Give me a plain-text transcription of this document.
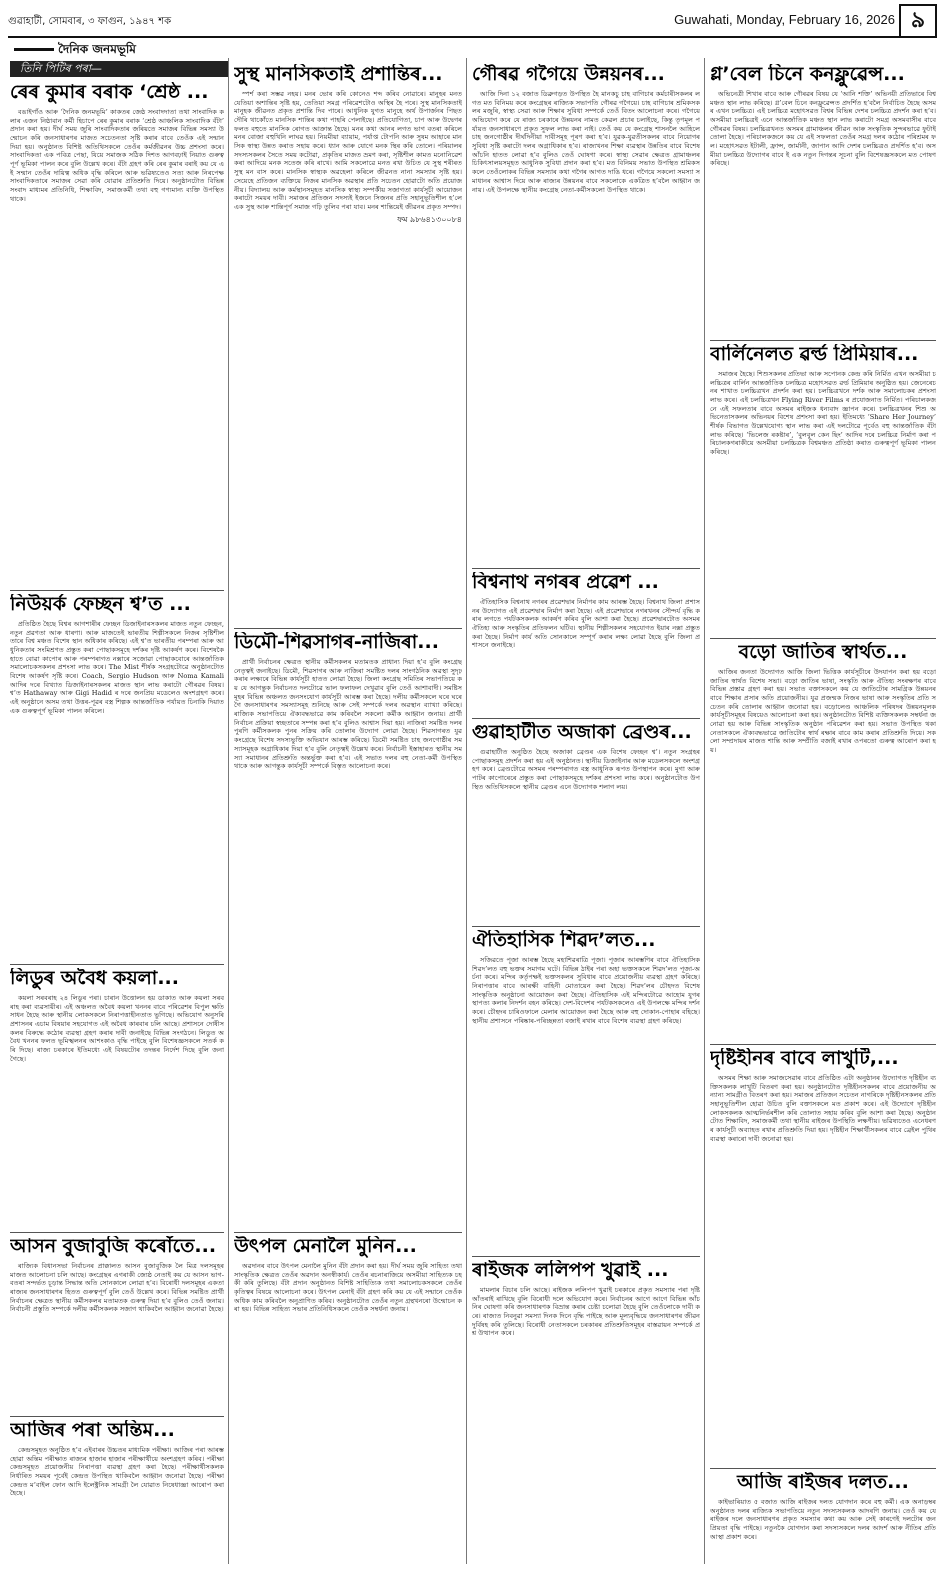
গুৱাহাটী, সোমবাৰ, ৩ ফাগুন, ১৯৪৭ শক	Guwahati, Monday, February 16, 2026 ৯
দৈনিক জনমভূমি
তিনি পিটিৰ পৰা—
ৰেৰ কুমাৰ বৰাক ‘শ্ৰেষ্ঠ ...

বঙাইগাঁও আৰু ‘দৈনিক জনমভূমি’ কাকতৰ জেষ্ঠ সংবাদদাতা তথা সাংবাদিক কলাৰ এজন নিষ্ঠাবান কৰ্মী হিচাপে ৰেৰ কুমাৰ বৰাক ‘শ্ৰেষ্ঠ আঞ্চলিক সাংবাদিক বঁটা’ প্ৰদান কৰা হয়। দীৰ্ঘ সময় জুৰি সাংবাদিকতাৰ জৰিয়তে সমাজৰ বিভিন্ন সমস্যা উন্মোচন কৰি জনসাধাৰণৰ মাজত সচেতনতা সৃষ্টি কৰাৰ বাবে তেওঁক এই সন্মান দিয়া হয়। অনুষ্ঠানত বিশিষ্ট অতিথিসকলে তেওঁৰ কৰ্মজীৱনৰ উচ্চ প্ৰশংসা কৰে। সাংবাদিকতা এক পবিত্ৰ পেছা, যিয়ে সমাজক সঠিক দিশত আগবঢ়াই নিয়াত গুৰুত্বপূৰ্ণ ভূমিকা পালন কৰে বুলি উল্লেখ কৰে। বঁটা গ্ৰহণ কৰি ৰেৰ কুমাৰ বৰাই কয় যে এই সন্মান তেওঁৰ দায়িত্ব অধিক বৃদ্ধি কৰিলে আৰু ভৱিষ্যতেও সত্য আৰু নিৰপেক্ষ সাংবাদিকতাৰে সমাজৰ সেৱা কৰি যোৱাৰ প্ৰতিশ্ৰুতি দিয়ে। অনুষ্ঠানটোত বিভিন্ন সংবাদ মাধ্যমৰ প্ৰতিনিধি, শিক্ষাবিদ, সমাজকৰ্মী তথা বহু গণ্যমান্য ব্যক্তি উপস্থিত থাকে।

নিউয়ৰ্ক ফেচ্ছন শ্ব’ত ...

প্ৰতিষ্ঠিত হৈছে বিশ্বৰ আগশাৰীৰ ফেচ্ছন ডিজাইনাৰসকলৰ মাজত নতুন ফেচ্ছন, নতুন প্ৰৱণতা আৰু ধাৰণা। আৰু মাজতেই ভাৰতীয় শিল্পীসকলে নিজৰ সৃষ্টিশীলতাৰে বিশ্ব মঞ্চত বিশেষ স্থান অধিকাৰ কৰিছে। এই শ্ব’ত ভাৰতীয় পৰম্পৰা আৰু আধুনিকতাৰ সংমিশ্ৰণত প্ৰস্তুত কৰা পোছাকসমূহে দৰ্শকৰ দৃষ্টি আকৰ্ষণ কৰে। বিশেষকৈ হাতে বোৱা কাপোৰ আৰু পৰম্পৰাগত নক্সাৰে সজোৱা পোছাকবোৰে আন্তৰ্জাতিক সমালোচকসকলৰ প্ৰশংসা লাভ কৰে। The Mist শীৰ্ষক সংগ্ৰহটোৱে অনুষ্ঠানটোত বিশেষ আকৰ্ষণ সৃষ্টি কৰে। Coach, Sergio Hudson আৰু Noma Kamali আদিৰ দৰে বিখ্যাত ডিজাইনাৰসকলৰ মাজত স্থান লাভ কৰাটো গৌৰৱৰ বিষয়। শ্ব’ত Hathaway আৰু Gigi Hadid ৰ দৰে জনপ্ৰিয় মডেলেও অংশগ্ৰহণ কৰে। এই অনুষ্ঠানে অসম তথা উত্তৰ-পূৱৰ বস্ত্ৰ শিল্পক আন্তৰ্জাতিক পৰ্যায়ত চিনাকি দিয়াত এক গুৰুত্বপূৰ্ণ ভূমিকা পালন কৰিলে।

লিডুৰ অবৈধ কয়লা...

কয়লা সৰবৰাহ ২৪ লিডুৰ পৰা। চাৰান উত্তোলন হয় ডাকাত আৰু কয়লা সৰবৰাহ কৰা ব্যৱসায়ীৰ। এই অঞ্চলত অবৈধ কয়লা খননৰ বাবে পৰিৱেশৰ বিপুল ক্ষতি সাধন হৈছে আৰু স্থানীয় লোকসকলে নিৰাপত্তাহীনতাত ভুগিছে। অভিযোগ অনুসৰি প্ৰশাসনৰ এচাম বিষয়াৰ সহযোগত এই অবৈধ কাৰবাৰ চলি আছে। প্ৰশাসনে দোষীসকলৰ বিৰুদ্ধে কঠোৰ ব্যৱস্থা গ্ৰহণ কৰাৰ দাবী জনাইছে বিভিন্ন সংগঠনে। লিডুত অবৈধ খননৰ ফলত ভূমিস্খলনৰ আশংকাও বৃদ্ধি পাইছে বুলি বিশেষজ্ঞসকলে সতৰ্ক কৰি দিছে। ৰাজ্য চৰকাৰে ইতিমধ্যে এই বিষয়টোৰ তদন্তৰ নিৰ্দেশ দিছে বুলি জনা গৈছে।

আসন বুজাবুজি কৰোঁতে...

ৰাজ্যিক বিধানসভা নিৰ্বাচনৰ প্ৰাক্কালত আসন বুজাবুজিক লৈ মিত্ৰ দলসমূহৰ মাজত আলোচনা চলি আছে। কংগ্ৰেছৰ এগৰাকী জ্যেষ্ঠ নেতাই কয় যে আসন ভাগ-বতৰা সন্দৰ্ভত চূড়ান্ত সিদ্ধান্ত অতি সোনকালে লোৱা হ’ব। বিৰোধী দলসমূহৰ একতা ৰাজ্যৰ জনসাধাৰণৰ হিতত গুৰুত্বপূৰ্ণ বুলি তেওঁ উল্লেখ কৰে। বিভিন্ন সমষ্টিত প্ৰাৰ্থী নিৰ্বাচনৰ ক্ষেত্ৰত স্থানীয় কৰ্মীসকলৰ মতামতক গুৰুত্ব দিয়া হ’ব বুলিও তেওঁ জনায়। নিৰ্বাচনী প্ৰস্তুতি সম্পৰ্কে দলীয় কৰ্মীসকলক সজাগ থাকিবলৈ আহ্বান জনোৱা হৈছে।

আজিৰ পৰা অন্তিম...

কেন্দ্ৰসমূহত অনুষ্ঠিত হ’ব এইবাৰৰ উচ্চতৰ মাধ্যমিক পৰীক্ষা। আজিৰ পৰা আৰম্ভ হোৱা অন্তিম পৰীক্ষাত ৰাজ্যৰ হাজাৰ হাজাৰ পৰীক্ষাৰ্থীয়ে অংশগ্ৰহণ কৰিব। পৰীক্ষা কেন্দ্ৰসমূহত প্ৰয়োজনীয় নিৰাপত্তা ব্যৱস্থা গ্ৰহণ কৰা হৈছে। পৰীক্ষাৰ্থীসকলক নিৰ্ধাৰিত সময়ৰ পূৰ্বেই কেন্দ্ৰত উপস্থিত থাকিবলৈ আহ্বান জনোৱা হৈছে। পৰীক্ষা কেন্দ্ৰত ম’বাইল ফোন আদি ইলেক্ট্ৰনিক সামগ্ৰী লৈ যোৱাত নিষেধাজ্ঞা আৰোপ কৰা হৈছে।

সুস্থ মানসিকতাই প্ৰশান্তিৰ...

স্পৰ্শ কৰা সম্ভৱ নহয়। মনৰ ভোৰ কৰি কোনেও শব্দ কৰিব নোৱাৰে। মানুহৰ মনত যেতিয়া অশান্তিৰ সৃষ্টি হয়, তেতিয়া সমগ্ৰ পৰিৱেশটোও অস্থিৰ হৈ পৰে। সুস্থ মানসিকতাই মানুহক জীৱনত প্ৰকৃত প্ৰশান্তি দিব পাৰে। আধুনিক যুগত মানুহে অৰ্থ উপাৰ্জনৰ পিছত দৌৰি থাকোঁতে মানসিক শান্তিৰ কথা পাহৰি পেলাইছে। প্ৰতিযোগিতা, চাপ আৰু উদ্বেগৰ ফলত বহুতে মানসিক ৰোগত আক্ৰান্ত হৈছে। মনৰ কথা আনৰ লগত ভাগ বতৰা কৰিলে মনৰ বোজা বহুখিনি লাঘৱ হয়। নিয়মীয়া ব্যায়াম, পৰ্যাপ্ত টোপনি আৰু সুষম আহাৰে মানসিক স্বাস্থ্য উন্নত কৰাত সহায় কৰে। ধ্যান আৰু যোগে মনক স্থিৰ কৰি তোলে। পৰিয়ালৰ সদস্যসকলৰ সৈতে সময় কটোৱা, প্ৰকৃতিৰ মাজত ভ্ৰমণ কৰা, সৃষ্টিশীল কামত মনোনিৱেশ কৰা আদিয়ে মনক সতেজ কৰি ৰাখে। আমি সকলোৱে মনত ৰখা উচিত যে সুস্থ শৰীৰত সুস্থ মন বাস কৰে। মানসিক স্বাস্থ্যক অৱহেলা কৰিলে জীৱনত নানা সমস্যাৰ সৃষ্টি হয়। সেয়েহে প্ৰতিজন ব্যক্তিয়ে নিজৰ মানসিক অৱস্থাৰ প্ৰতি সচেতন হোৱাটো অতি প্ৰয়োজনীয়। বিদ্যালয় আৰু কৰ্মস্থানসমূহত মানসিক স্বাস্থ্য সম্পৰ্কীয় সজাগতা কাৰ্যসূচী আয়োজন কৰাটো সময়ৰ দাবী। সমাজৰ প্ৰতিজন সদস্যই ইজনে সিজনৰ প্ৰতি সহানুভূতিশীল হ’লে এক সুস্থ আৰু শান্তিপূৰ্ণ সমাজ গঢ়ি তুলিব পৰা যাব। মনৰ শান্তিয়েই জীৱনৰ প্ৰকৃত সম্পদ।

ফম ৯৮৬৪১৩০০৮৪
ডিমৌ-শিৱসাগৰ-নাজিৰা...

প্ৰাৰ্থী নিৰ্বাচনৰ ক্ষেত্ৰত স্থানীয় কৰ্মীসকলৰ মতামতক প্ৰাধান্য দিয়া হ’ব বুলি কংগ্ৰেছ নেতৃত্বই জনাইছে। ডিমৌ, শিৱসাগৰ আৰু নাজিৰা সমষ্টিত দলৰ সাংগঠনিক অৱস্থা সুদৃঢ় কৰাৰ লক্ষ্যৰে বিভিন্ন কাৰ্যসূচী হাতত লোৱা হৈছে। জিলা কংগ্ৰেছ সমিতিৰ সভাপতিয়ে কয় যে আগন্তুক নিৰ্বাচনত দলটোৱে ভাল ফলাফল দেখুৱাব বুলি তেওঁ আশাবাদী। সমষ্টিসমূহৰ বিভিন্ন অঞ্চলত জনসংযোগ কাৰ্যসূচী আৰম্ভ কৰা হৈছে। দলীয় কৰ্মীসকলে ঘৰে ঘৰে গৈ জনসাধাৰণৰ সমস্যাসমূহ শুনিছে আৰু সেই সম্পৰ্কে দলৰ অৱস্থান ব্যাখ্যা কৰিছে। ৰাজ্যিক সভাপতিয়ে ঐক্যবদ্ধভাৱে কাম কৰিবলৈ সকলো কৰ্মীক আহ্বান জনায়। প্ৰাৰ্থী নিৰ্বাচন প্ৰক্ৰিয়া স্বচ্ছতাৰে সম্পন্ন কৰা হ’ব বুলিও আশ্বাস দিয়া হয়। নাজিৰা সমষ্টিত দলৰ পুৰণি কৰ্মীসকলক পুনৰ সক্ৰিয় কৰি তোলাৰ উদ্যোগ লোৱা হৈছে। শিৱসাগৰত যুৱ কংগ্ৰেছে বিশেষ সদস্যভুক্তি অভিযান আৰম্ভ কৰিছে। ডিমৌ সমষ্টিত চাহ জনগোষ্ঠীৰ সমস্যাসমূহক অগ্ৰাধিকাৰ দিয়া হ’ব বুলি নেতৃত্বই উল্লেখ কৰে। নিৰ্বাচনী ইস্তাহাৰত স্থানীয় সমস্যা সমাধানৰ প্ৰতিশ্ৰুতি অন্তৰ্ভুক্ত কৰা হ’ব। এই সভাত দলৰ বহু নেতা-কৰ্মী উপস্থিত থাকে আৰু আগন্তুক কাৰ্যসূচী সম্পৰ্কে বিস্তৃত আলোচনা কৰে।

উৎপল মেনালৈ মুনিন...

অৱদানৰ বাবে উৎপল মেনালৈ মুনিন বঁটা প্ৰদান কৰা হয়। দীৰ্ঘ সময় জুৰি সাহিত্য তথা সাংস্কৃতিক ক্ষেত্ৰত তেওঁৰ অৱদান অনস্বীকাৰ্য। তেওঁৰ ৰচনাৰাজিয়ে অসমীয়া সাহিত্যক চহকী কৰি তুলিছে। বঁটা প্ৰদান অনুষ্ঠানত বিশিষ্ট সাহিত্যিক তথা সমালোচকসকলে তেওঁৰ কৃতিত্বৰ বিষয়ে আলোচনা কৰে। উৎপল মেনাই বঁটা গ্ৰহণ কৰি কয় যে এই সন্মানে তেওঁক অধিক কাম কৰিবলৈ অনুপ্ৰাণিত কৰিব। অনুষ্ঠানটোত তেওঁৰ নতুন গ্ৰন্থখনৰো উন্মোচন কৰা হয়। বিভিন্ন সাহিত্য সভাৰ প্ৰতিনিধিসকলে তেওঁক সম্বৰ্ধনা জনায়।

গৌৰৱ গগৈয়ে উন্নয়নৰ...

আজি দিনা ১২ বজাত ডিব্ৰুগড়ত উপস্থিত হৈ মানকচু চাহ বাগিচাৰ কৰ্মচাৰীসকলৰ লগত মত বিনিময় কৰে কংগ্ৰেছৰ ৰাজ্যিক সভাপতি গৌৰৱ গগৈয়ে। চাহ বাগিচাৰ শ্ৰমিকসকলৰ মজুৰি, স্বাস্থ্য সেৱা আৰু শিক্ষাৰ সুবিধা সম্পৰ্কে তেওঁ বিতং আলোচনা কৰে। গগৈয়ে অভিযোগ কৰে যে ৰাজ্য চৰকাৰে উন্নয়নৰ নামত কেৱল প্ৰচাৰ চলাইছে, কিন্তু তৃণমূল পৰ্যায়ত জনসাধাৰণে প্ৰকৃত সুফল লাভ কৰা নাই। তেওঁ কয় যে কংগ্ৰেছ শাসনলৈ আহিলে চাহ জনগোষ্ঠীৰ দীৰ্ঘদিনীয়া দাবীসমূহ পূৰণ কৰা হ’ব। যুৱক-যুৱতীসকলৰ বাবে নিয়োগৰ সুবিধা সৃষ্টি কৰাটো দলৰ অগ্ৰাধিকাৰ হ’ব। ৰাজ্যখনৰ শিক্ষা ব্যৱস্থাৰ উন্নতিৰ বাবে বিশেষ আঁচনি হাতত লোৱা হ’ব বুলিও তেওঁ ঘোষণা কৰে। স্বাস্থ্য সেৱাৰ ক্ষেত্ৰত গ্ৰামাঞ্চলৰ চিকিৎসালয়সমূহত আধুনিক সুবিধা প্ৰদান কৰা হ’ব। মত বিনিময় সভাত উপস্থিত শ্ৰমিকসকলে তেওঁলোকৰ বিভিন্ন সমস্যাৰ কথা গগৈৰ আগত দাঙি ধৰে। গগৈয়ে সকলো সমস্যা সমাধানৰ আশ্বাস দিয়ে আৰু ৰাজ্যৰ উন্নয়নৰ বাবে সকলোকে একত্ৰিত হ’বলৈ আহ্বান জনায়। এই উপলক্ষে স্থানীয় কংগ্ৰেছ নেতা-কৰ্মীসকলো উপস্থিত থাকে।

বিশ্বনাথ নগৰৰ প্ৰৱেশ ...

ঐতিহাসিক বিশ্বনাথ নগৰৰ প্ৰৱেশদ্বাৰ নিৰ্মাণৰ কাম আৰম্ভ হৈছে। বিশ্বনাথ জিলা প্ৰশাসনৰ উদ্যোগত এই প্ৰৱেশদ্বাৰ নিৰ্মাণ কৰা হৈছে। এই প্ৰৱেশদ্বাৰে নগৰখনৰ সৌন্দৰ্য বৃদ্ধি কৰাৰ লগতে পৰ্যটকসকলক আকৰ্ষণ কৰিব বুলি আশা কৰা হৈছে। প্ৰৱেশদ্বাৰটোত অসমৰ ঐতিহ্য আৰু সংস্কৃতিৰ প্ৰতিফলন ঘটিব। স্থানীয় শিল্পীসকলৰ সহযোগত ইয়াৰ নক্সা প্ৰস্তুত কৰা হৈছে। নিৰ্মাণ কাৰ্য অতি সোনকালে সম্পূৰ্ণ কৰাৰ লক্ষ্য লোৱা হৈছে বুলি জিলা প্ৰশাসনে জনাইছে।

গুৱাহাটীত অজাকা ব্ৰেণ্ডৰ...

গুৱাহাটীত অনুষ্ঠিত হৈছে অজাকা ব্ৰেণ্ডৰ এক বিশেষ ফেচ্ছন শ্ব’। নতুন সংগ্ৰহৰ পোছাকসমূহ প্ৰদৰ্শন কৰা হয় এই অনুষ্ঠানত। স্থানীয় ডিজাইনাৰ আৰু মডেলসকলে অংশগ্ৰহণ কৰে। ব্ৰেণ্ডটোৱে অসমৰ পৰম্পৰাগত বস্ত্ৰ আধুনিক ৰূপত উপস্থাপন কৰে। মুগা আৰু পাটৰ কাপোৰেৰে প্ৰস্তুত কৰা পোছাকসমূহে দৰ্শকৰ প্ৰশংসা লাভ কৰে। অনুষ্ঠানটোত উপস্থিত অতিথিসকলে স্থানীয় ব্ৰেণ্ডৰ এনে উদ্যোগক শলাগ লয়।

ঐতিহাসিক শিৱদ’লত...

সজিৱতে পূজা আৰম্ভ হৈছে মহাশিৱৰাত্ৰি পূজা। পূজাৰ আৰম্ভণিৰ বাবে ঐতিহাসিক শিৱদ’লত বহু ভক্তৰ সমাগম ঘটে। বিভিন্ন ঠাইৰ পৰা অহা ভক্তসকলে শিৱদ’লত পূজা-অৰ্চনা কৰে। মন্দিৰ কৰ্তৃপক্ষই ভক্তসকলৰ সুবিধাৰ বাবে প্ৰয়োজনীয় ব্যৱস্থা গ্ৰহণ কৰিছে। নিৰাপত্তাৰ বাবে আৰক্ষী বাহিনী মোতায়েন কৰা হৈছে। শিৱদ’লৰ চৌহদত বিশেষ সাংস্কৃতিক অনুষ্ঠানো আয়োজন কৰা হৈছে। ঐতিহাসিক এই মন্দিৰটোৱে আহোম যুগৰ স্থাপত্য কলাৰ নিদৰ্শন বহন কৰিছে। দেশ-বিদেশৰ পৰ্যটকসকলেও এই উপলক্ষে মন্দিৰ দৰ্শন কৰে। চৌহদৰ চাৰিওফালে মেলাৰ আয়োজন কৰা হৈছে আৰু বহু দোকান-পোহাৰ বহিছে। স্থানীয় প্ৰশাসনে পৰিষ্কাৰ-পৰিচ্ছন্নতা বজাই ৰখাৰ বাবে বিশেষ ব্যৱস্থা গ্ৰহণ কৰিছে।

ৰাইজক ললিপপ খুৱাই ...

মামলাৰ বিচাৰ চলি আছে। ৰাইজক ললিপপ খুৱাই চৰকাৰে প্ৰকৃত সমস্যাৰ পৰা দৃষ্টি আঁতৰাই ৰাখিছে বুলি বিৰোধী দলে অভিযোগ কৰে। নিৰ্বাচনৰ আগে আগে বিভিন্ন আঁচনিৰ ঘোষণা কৰি জনসাধাৰণক বিভ্ৰান্ত কৰাৰ চেষ্টা চলোৱা হৈছে বুলি তেওঁলোকে দাবী কৰে। ৰাজ্যত নিবনুৱা সমস্যা দিনক দিনে বৃদ্ধি পাইছে আৰু মূল্যবৃদ্ধিয়ে জনসাধাৰণৰ জীৱন দুৰ্বিষহ কৰি তুলিছে। বিৰোধী নেতাসকলে চৰকাৰৰ প্ৰতিশ্ৰুতিসমূহৰ বাস্তৱায়ন সম্পৰ্কে প্ৰশ্ন উত্থাপন কৰে।

গ্ল’বেল চিনে কনফ্লুৱেন্স...

অভিনেত্ৰী শিখাৰ বাবে আৰু গৌৰৱৰ বিষয় যে ‘আনি শক্তি’ অভিনয়ী প্ৰতিভাৰে বিশ্বমঞ্চত স্থান লাভ কৰিছে। গ্ল’বেল চিনে কনফ্লুৱেন্সত প্ৰদৰ্শিত হ’বলৈ নিৰ্বাচিত হৈছে অসমৰ এখন চলচ্চিত্ৰ। এই চলচ্চিত্ৰ মহোৎসৱত বিশ্বৰ বিভিন্ন দেশৰ চলচ্চিত্ৰ প্ৰদৰ্শন কৰা হ’ব। অসমীয়া চলচ্চিত্ৰই এনে আন্তৰ্জাতিক মঞ্চত স্থান লাভ কৰাটো সমগ্ৰ অসমবাসীৰ বাবে গৌৰৱৰ বিষয়। চলচ্চিত্ৰখনত অসমৰ গ্ৰামাঞ্চলৰ জীৱন আৰু সংস্কৃতিক সুন্দৰভাৱে ফুটাই তোলা হৈছে। পৰিচালকজনে কয় যে এই সফলতা তেওঁৰ সমগ্ৰ দলৰ কঠোৰ পৰিশ্ৰমৰ ফল। মহোৎসৱত ইটালী, ফ্ৰান্স, জাৰ্মানী, জাপান আদি দেশৰ চলচ্চিত্ৰও প্ৰদৰ্শিত হ’ব। অসমীয়া চলচ্চিত্ৰ উদ্যোগৰ বাবে ই এক নতুন দিগন্তৰ সূচনা বুলি বিশেষজ্ঞসকলে মত পোষণ কৰিছে।

বাৰ্লিনেলত ৱৰ্ল্ড প্ৰিমিয়াৰ...

সমাজৰ হৈছে। শিশুসকলৰ প্ৰতিভা আৰু সপোনক কেন্দ্ৰ কৰি নিৰ্মিত এখন অসমীয়া চলচ্চিত্ৰৰ বাৰ্লিন আন্তৰ্জাতিক চলচ্চিত্ৰ মহোৎসৱত ৱৰ্ল্ড প্ৰিমিয়াৰ অনুষ্ঠিত হয়। জেনেৰেচনৰ শাখাত চলচ্চিত্ৰখন প্ৰদৰ্শন কৰা হয়। চলচ্চিত্ৰখনে দৰ্শক আৰু সমালোচকৰ প্ৰশংসা লাভ কৰে। এই চলচ্চিত্ৰখন Flying River Films ৰ প্ৰযোজনাত নিৰ্মিত। পৰিচালকজনে এই সফলতাৰ বাবে অসমৰ ৰাইজক ধন্যবাদ জ্ঞাপন কৰে। চলচ্চিত্ৰখনৰ শিশু অভিনেতাসকলৰ অভিনয়ৰ বিশেষ প্ৰশংসা কৰা হয়। ইতিমধ্যে ‘Share Her Journey’ শীৰ্ষক বিভাগত উল্লেখযোগ্য স্থান লাভ কৰা এই দলটোৱে পূৰ্বেও বহু আন্তৰ্জাতিক বঁটা লাভ কৰিছে। ‘ভিলেজ ৰকষ্টাৰ’, ‘বুলবুল কেন ছিং’ আদিৰ দৰে চলচ্চিত্ৰ নিৰ্মাণ কৰা পৰিচালকগৰাকীয়ে অসমীয়া চলচ্চিত্ৰক বিশ্বমঞ্চত প্ৰতিষ্ঠা কৰাত গুৰুত্বপূৰ্ণ ভূমিকা পালন কৰিছে।

বড়ো জাতিৰ স্বাৰ্থত...

আজিৰ জনতা উদ্যোগত আজি জিলা ভিত্তিক কাৰ্যসূচীৰে উদযাপন কৰা হয় বড়ো জাতিৰ স্বাৰ্থত বিশেষ সভা। বড়ো জাতিৰ ভাষা, সংস্কৃতি আৰু ঐতিহ্য সংৰক্ষণৰ বাবে বিভিন্ন প্ৰস্তাৱ গ্ৰহণ কৰা হয়। সভাত বক্তাসকলে কয় যে জাতিটোৰ সামগ্ৰিক উন্নয়নৰ বাবে শিক্ষাৰ প্ৰসাৰ অতি প্ৰয়োজনীয়। যুৱ প্ৰজন্মক নিজৰ ভাষা আৰু সংস্কৃতিৰ প্ৰতি সচেতন কৰি তোলাৰ আহ্বান জনোৱা হয়। বড়োলেণ্ড আঞ্চলিক পৰিষদৰ উন্নয়নমূলক কাৰ্যসূচীসমূহৰ বিষয়েও আলোচনা কৰা হয়। অনুষ্ঠানটোত বিশিষ্ট ব্যক্তিসকলক সম্বৰ্ধনা জনোৱা হয় আৰু বিভিন্ন সাংস্কৃতিক অনুষ্ঠান পৰিৱেশন কৰা হয়। সভাত উপস্থিত থকা নেতাসকলে ঐক্যবদ্ধভাৱে জাতিটোৰ স্বাৰ্থ ৰক্ষাৰ বাবে কাম কৰাৰ প্ৰতিশ্ৰুতি দিয়ে। সকলো সম্প্ৰদায়ৰ মাজত শান্তি আৰু সম্প্ৰীতি বজাই ৰখাৰ ওপৰতো গুৰুত্ব আৰোপ কৰা হয়।

দৃষ্টিহীনৰ বাবে লাখুটি,...

অসমৰ শিক্ষা আৰু সমাজসেৱাৰ বাবে প্ৰতিষ্ঠিত এটা অনুষ্ঠানৰ উদ্যোগত দৃষ্টিহীন ব্যক্তিসকলক লাখুটি বিতৰণ কৰা হয়। অনুষ্ঠানটোত দৃষ্টিহীনসকলৰ বাবে প্ৰয়োজনীয় অন্যান্য সামগ্ৰীও বিতৰণ কৰা হয়। সমাজৰ প্ৰতিজন সচেতন নাগৰিকে দৃষ্টিহীনসকলৰ প্ৰতি সহানুভূতিশীল হোৱা উচিত বুলি বক্তাসকলে মত প্ৰকাশ কৰে। এই উদ্যোগে দৃষ্টিহীন লোকসকলক আত্মনিৰ্ভৰশীল কৰি তোলাত সহায় কৰিব বুলি আশা কৰা হৈছে। অনুষ্ঠানটোত শিক্ষাবিদ, সমাজকৰ্মী তথা স্থানীয় ৰাইজৰ উপস্থিতি লক্ষণীয়। ভৱিষ্যতেও এনেধৰণৰ কাৰ্যসূচী অব্যাহত ৰখাৰ প্ৰতিশ্ৰুতি দিয়া হয়। দৃষ্টিহীন শিক্ষাৰ্থীসকলৰ বাবে ব্ৰেইল পুথিৰ ব্যৱস্থা কৰাৰো দাবী জনোৱা হয়।

আজি ৰাইজৰ দলত...

কাইভাৰিয়াত ৫ বজাত আজি ৰাইজৰ দলত যোগদান কৰে বহু কৰ্মী। এক অনাড়ম্বৰ অনুষ্ঠানত দলৰ ৰাজ্যিক সভাপতিয়ে নতুন সদস্যসকলক আদৰণি জনায়। তেওঁ কয় যে ৰাইজৰ দলে জনসাধাৰণৰ প্ৰকৃত সমস্যাৰ কথা কয় আৰু সেই কাৰণেই দলটোৰ জনপ্ৰিয়তা বৃদ্ধি পাইছে। নতুনকৈ যোগদান কৰা সদস্যসকলে দলৰ আদৰ্শ আৰু নীতিৰ প্ৰতি আস্থা প্ৰকাশ কৰে।
